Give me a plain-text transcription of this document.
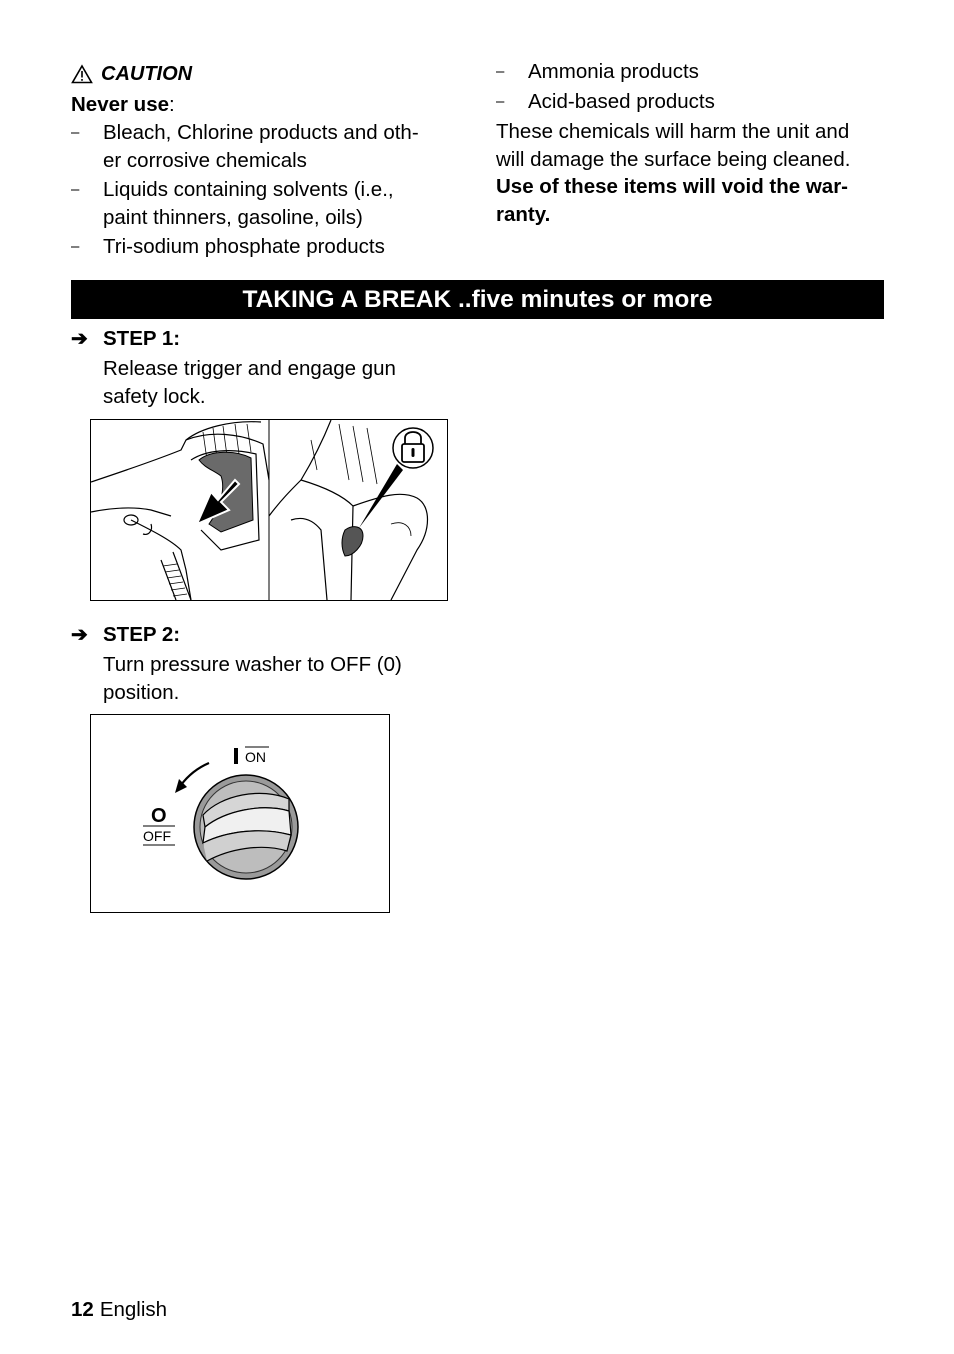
CAUTION
Never use:
– Bleach, Chlorine products and oth-
er corrosive chemicals
– Liquids containing solvents (i.e.,
paint thinners, gasoline, oils)
– Tri-sodium phosphate products
– Ammonia products
– Acid-based products
These chemicals will harm the unit and
will damage the surface being cleaned.
Use of these items will void the war-
ranty.
TAKING A BREAK ..five minutes or more
➔ STEP 1:
Release trigger and engage gun
safety lock.
➔ STEP 2:
Turn pressure washer to OFF (0)
position.
ON
O
OFF
12 English
